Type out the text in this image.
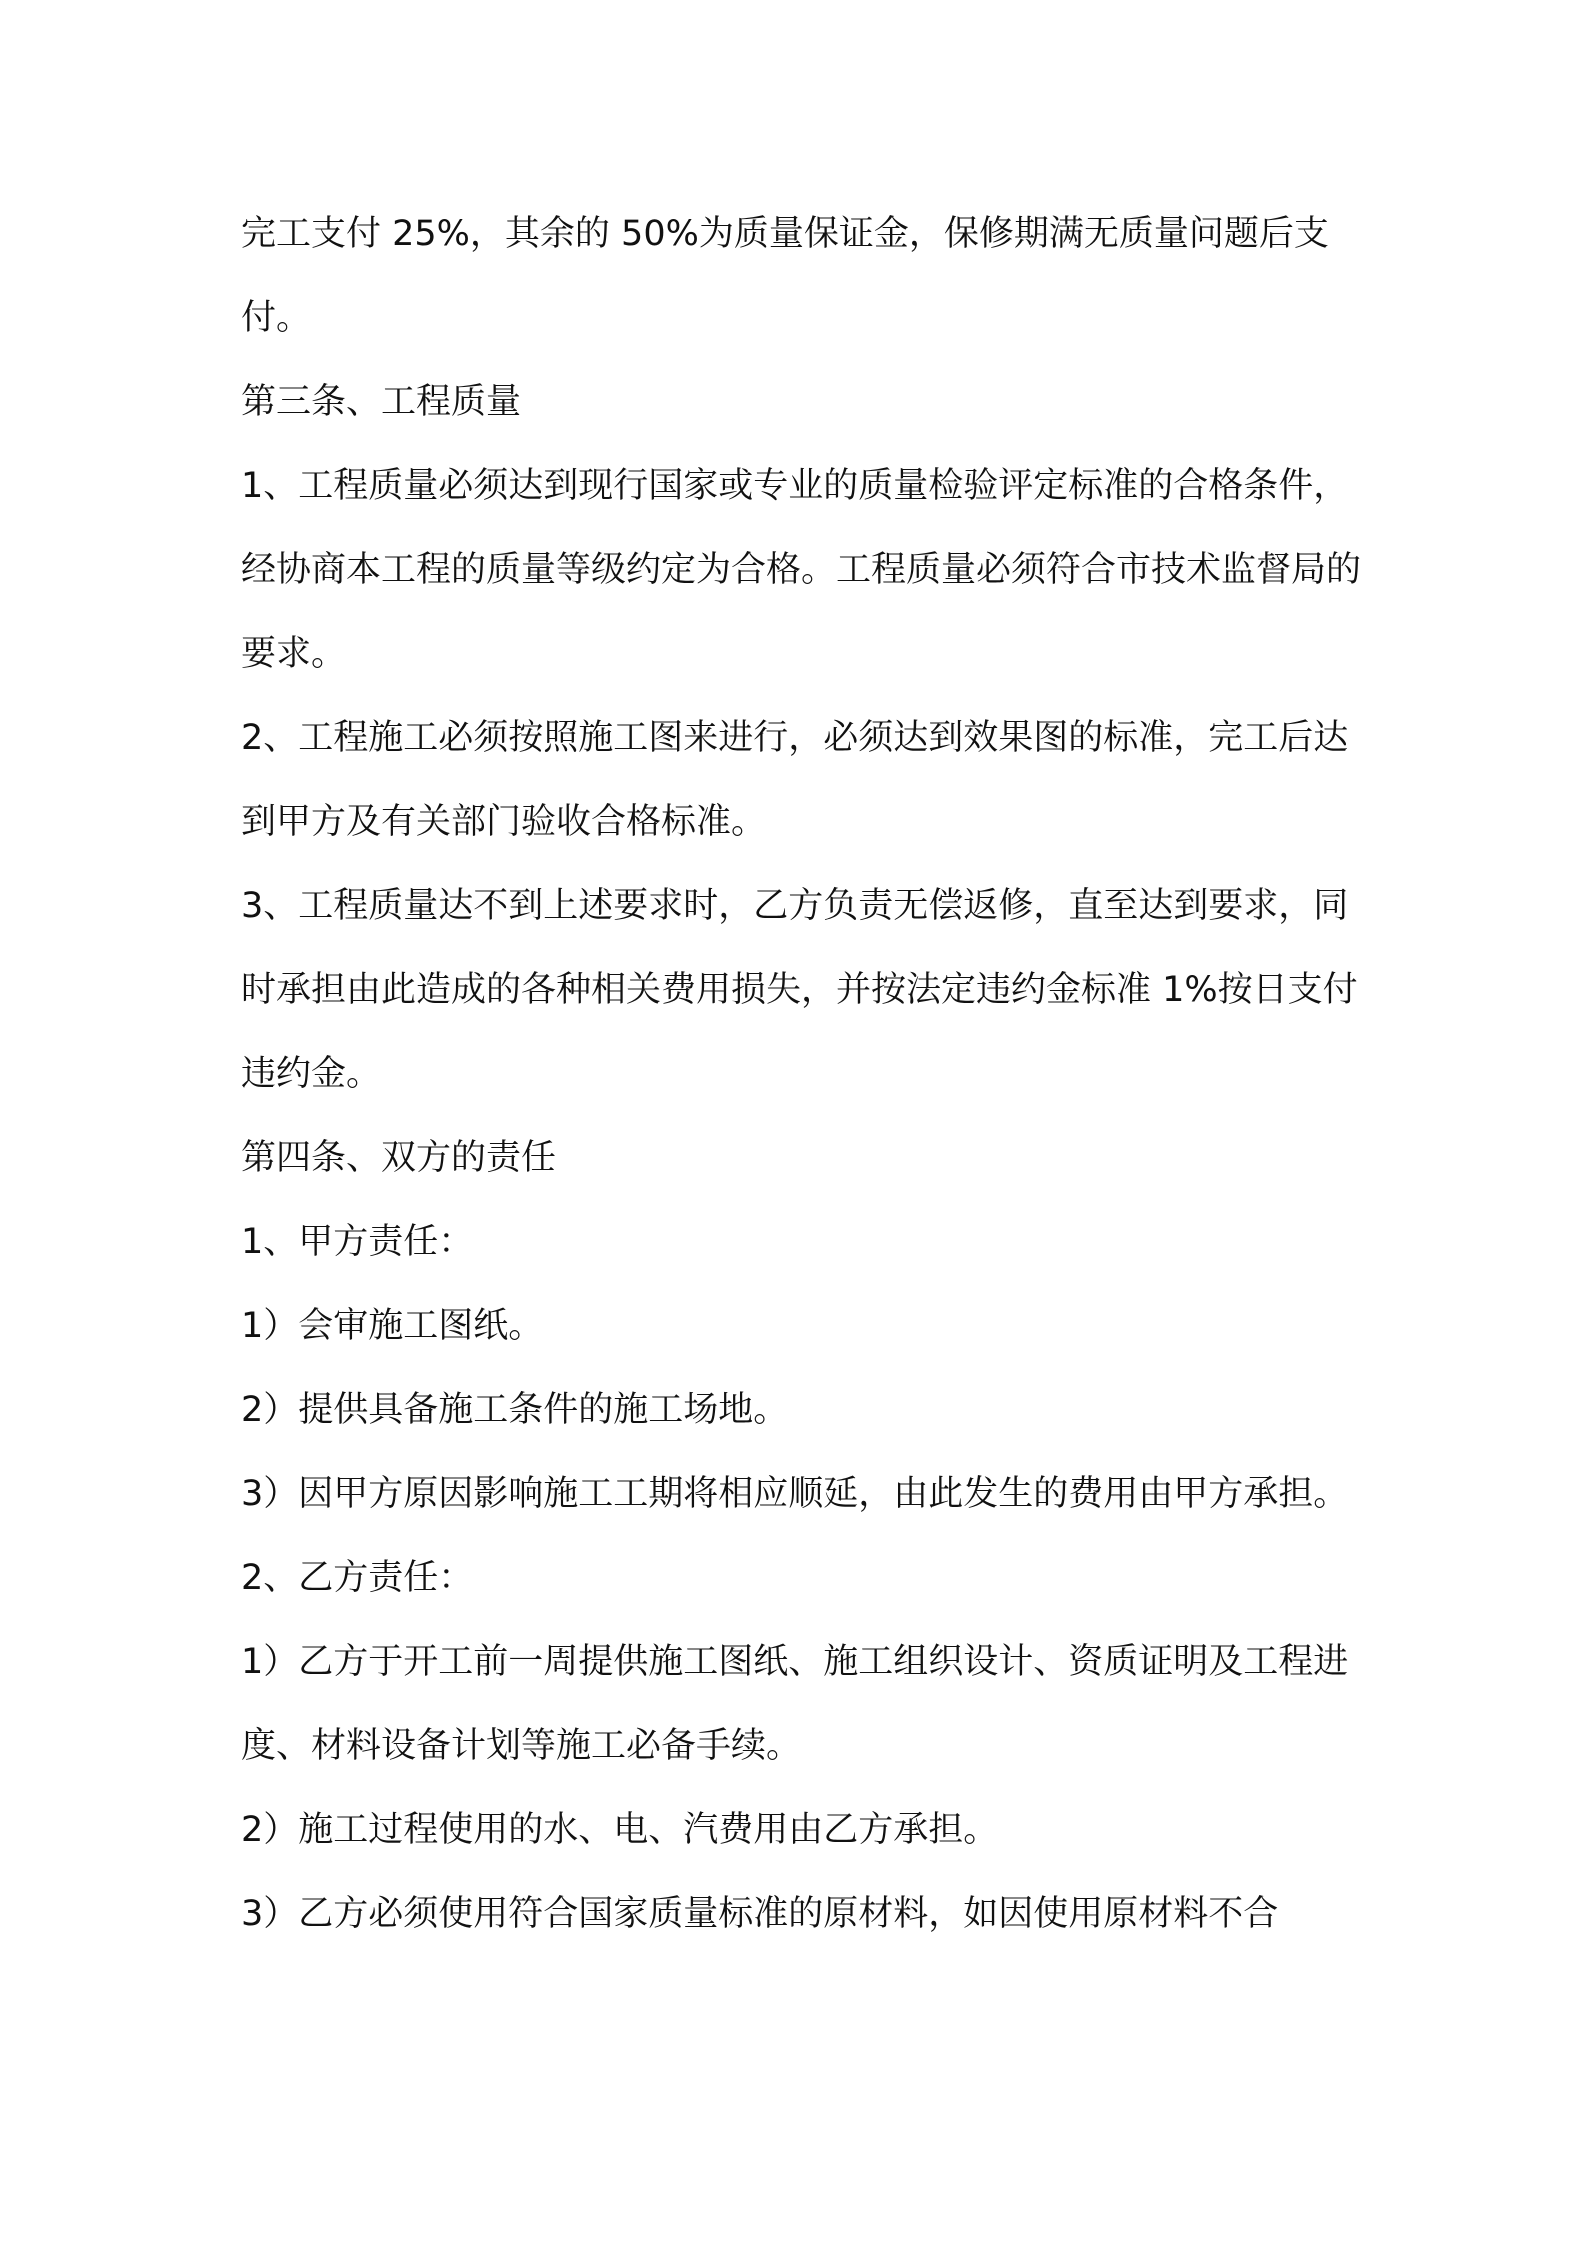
完工支付 25%，其余的 50%为质量保证金，保修期满无质量问题后支付。

第三条、工程质量

1、工程质量必须达到现行国家或专业的质量检验评定标准的合格条件，经协商本工程的质量等级约定为合格。工程质量必须符合市技术监督局的要求。

2、工程施工必须按照施工图来进行，必须达到效果图的标准，完工后达到甲方及有关部门验收合格标准。

3、工程质量达不到上述要求时，乙方负责无偿返修，直至达到要求，同时承担由此造成的各种相关费用损失，并按法定违约金标准 1%按日支付违约金。

第四条、双方的责任

1、甲方责任：

1）会审施工图纸。

2）提供具备施工条件的施工场地。

3）因甲方原因影响施工工期将相应顺延，由此发生的费用由甲方承担。

2、乙方责任：

1）乙方于开工前一周提供施工图纸、施工组织设计、资质证明及工程进度、材料设备计划等施工必备手续。

2）施工过程使用的水、电、汽费用由乙方承担。

3）乙方必须使用符合国家质量标准的原材料，如因使用原材料不合
